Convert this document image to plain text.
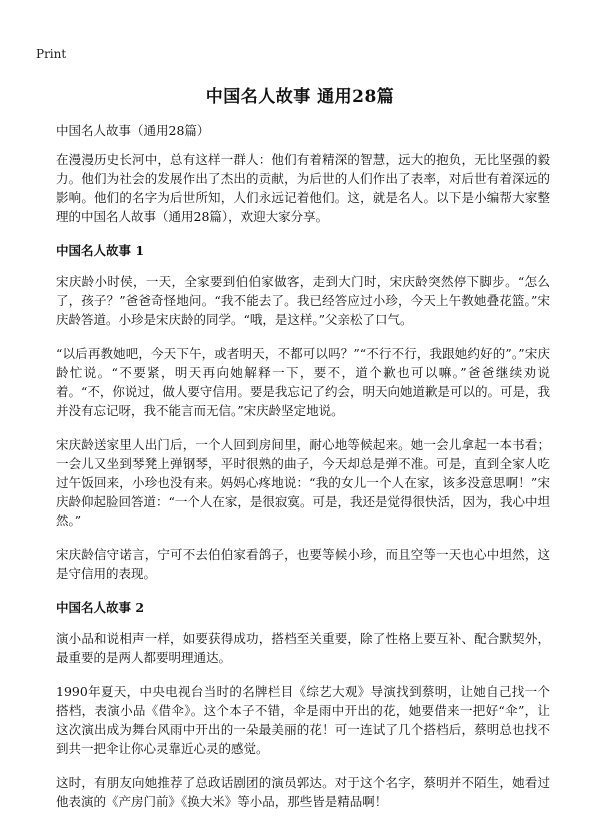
Print
中国名人故事 通用28篇
中国名人故事（通用28篇）

在漫漫历史长河中，总有这样一群人：他们有着精深的智慧，远大的抱负，无比坚强的毅力。他们为社会的发展作出了杰出的贡献，为后世的人们作出了表率，对后世有着深远的影响。他们的名字为后世所知，人们永远记着他们。这，就是名人。以下是小编帮大家整理的中国名人故事（通用28篇），欢迎大家分享。

中国名人故事 1

宋庆龄小时侯，一天，全家要到伯伯家做客，走到大门时，宋庆龄突然停下脚步。“怎么了，孩子？”爸爸奇怪地问。“我不能去了。我已经答应过小珍，今天上午教她叠花篮。”宋庆龄答道。小珍是宋庆龄的同学。“哦，是这样。”父亲松了口气。

“以后再教她吧，今天下午，或者明天，不都可以吗？”“不行不行，我跟她约好的”。”宋庆龄忙说。“不要紧，明天再向她解释一下，要不，道个歉也可以嘛。”爸爸继续劝说着。“不，你说过，做人要守信用。要是我忘记了约会，明天向她道歉是可以的。可是，我并没有忘记呀，我不能言而无信。”宋庆龄坚定地说。

宋庆龄送家里人出门后，一个人回到房间里，耐心地等候起来。她一会儿拿起一本书看；一会儿又坐到琴凳上弹钢琴，平时很熟的曲子，今天却总是弹不准。可是，直到全家人吃过午饭回来，小珍也没有来。妈妈心疼地说：“我的女儿一个人在家，该多没意思啊！”宋庆龄仰起脸回答道：“一个人在家，是很寂寞。可是，我还是觉得很快活，因为，我心中坦然。”

宋庆龄信守诺言，宁可不去伯伯家看鸽子，也要等候小珍，而且空等一天也心中坦然，这是守信用的表现。

中国名人故事 2

演小品和说相声一样，如要获得成功，搭档至关重要，除了性格上要互补、配合默契外，最重要的是两人都要明理通达。

1990年夏天，中央电视台当时的名牌栏目《综艺大观》导演找到蔡明，让她自己找一个搭档，表演小品《借伞》。这个本子不错，伞是雨中开出的花，她要借来一把好“伞”，让这次演出成为舞台风雨中开出的一朵最美丽的花！可一连试了几个搭档后，蔡明总也找不到共一把伞让你心灵靠近心灵的感觉。

这时，有朋友向她推荐了总政话剧团的演员郭达。对于这个名字，蔡明并不陌生，她看过他表演的《产房门前》《换大米》等小品，那些皆是精品啊！
